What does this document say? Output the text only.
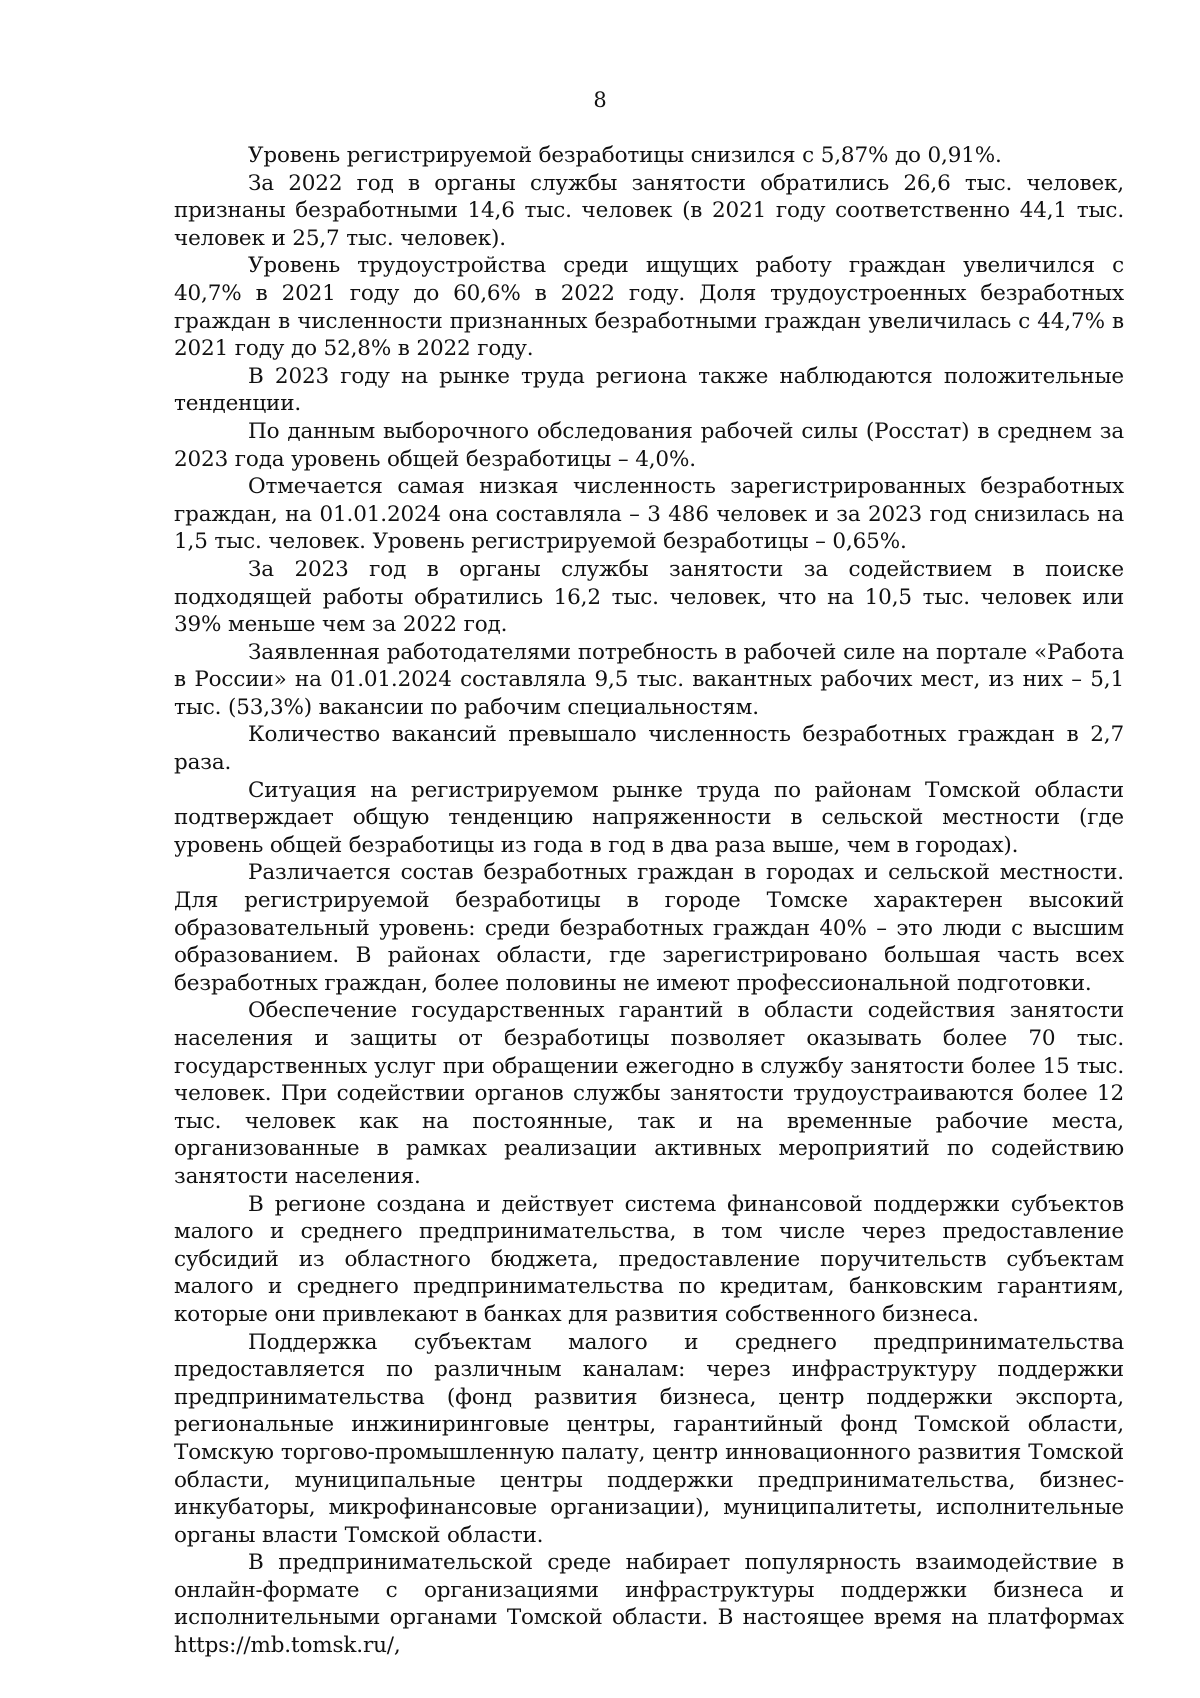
8

Уровень регистрируемой безработицы снизился с 5,87% до 0,91%.

За 2022 год в органы службы занятости обратились 26,6 тыс. человек, признаны безработными 14,6 тыс. человек (в 2021 году соответственно 44,1 тыс. человек и 25,7 тыс. человек).

Уровень трудоустройства среди ищущих работу граждан увеличился с 40,7% в 2021 году до 60,6% в 2022 году. Доля трудоустроенных безработных граждан в численности признанных безработными граждан увеличилась с 44,7% в 2021 году до 52,8% в 2022 году.

В 2023 году на рынке труда региона также наблюдаются положительные тенденции.

По данным выборочного обследования рабочей силы (Росстат) в среднем за 2023 года уровень общей безработицы – 4,0%.

Отмечается самая низкая численность зарегистрированных безработных граждан, на 01.01.2024 она составляла – 3 486 человек и за 2023 год снизилась на 1,5 тыс. человек. Уровень регистрируемой безработицы – 0,65%.

За 2023 год в органы службы занятости за содействием в поиске подходящей работы обратились 16,2 тыс. человек, что на 10,5 тыс. человек или 39% меньше чем за 2022 год.

Заявленная работодателями потребность в рабочей силе на портале «Работа в России» на 01.01.2024 составляла 9,5 тыс. вакантных рабочих мест, из них – 5,1 тыс. (53,3%) вакансии по рабочим специальностям.

Количество вакансий превышало численность безработных граждан в 2,7 раза.

Ситуация на регистрируемом рынке труда по районам Томской области подтверждает общую тенденцию напряженности в сельской местности (где уровень общей безработицы из года в год в два раза выше, чем в городах).

Различается состав безработных граждан в городах и сельской местности. Для регистрируемой безработицы в городе Томске характерен высокий образовательный уровень: среди безработных граждан 40% – это люди с высшим образованием. В районах области, где зарегистрировано большая часть всех безработных граждан, более половины не имеют профессиональной подготовки.

Обеспечение государственных гарантий в области содействия занятости населения и защиты от безработицы позволяет оказывать более 70 тыс. государственных услуг при обращении ежегодно в службу занятости более 15 тыс. человек. При содействии органов службы занятости трудоустраиваются более 12 тыс. человек как на постоянные, так и на временные рабочие места, организованные в рамках реализации активных мероприятий по содействию занятости населения.

В регионе создана и действует система финансовой поддержки субъектов малого и среднего предпринимательства, в том числе через предоставление субсидий из областного бюджета, предоставление поручительств субъектам малого и среднего предпринимательства по кредитам, банковским гарантиям, которые они привлекают в банках для развития собственного бизнеса.

Поддержка субъектам малого и среднего предпринимательства предоставляется по различным каналам: через инфраструктуру поддержки предпринимательства (фонд развития бизнеса, центр поддержки экспорта, региональные инжиниринговые центры, гарантийный фонд Томской области, Томскую торгово-промышленную палату, центр инновационного развития Томской области, муниципальные центры поддержки предпринимательства, бизнес-инкубаторы, микрофинансовые организации), муниципалитеты, исполнительные органы власти Томской области.

В предпринимательской среде набирает популярность взаимодействие в онлайн-формате с организациями инфраструктуры поддержки бизнеса и исполнительными органами Томской области. В настоящее время на платформах https://mb.tomsk.ru/,
